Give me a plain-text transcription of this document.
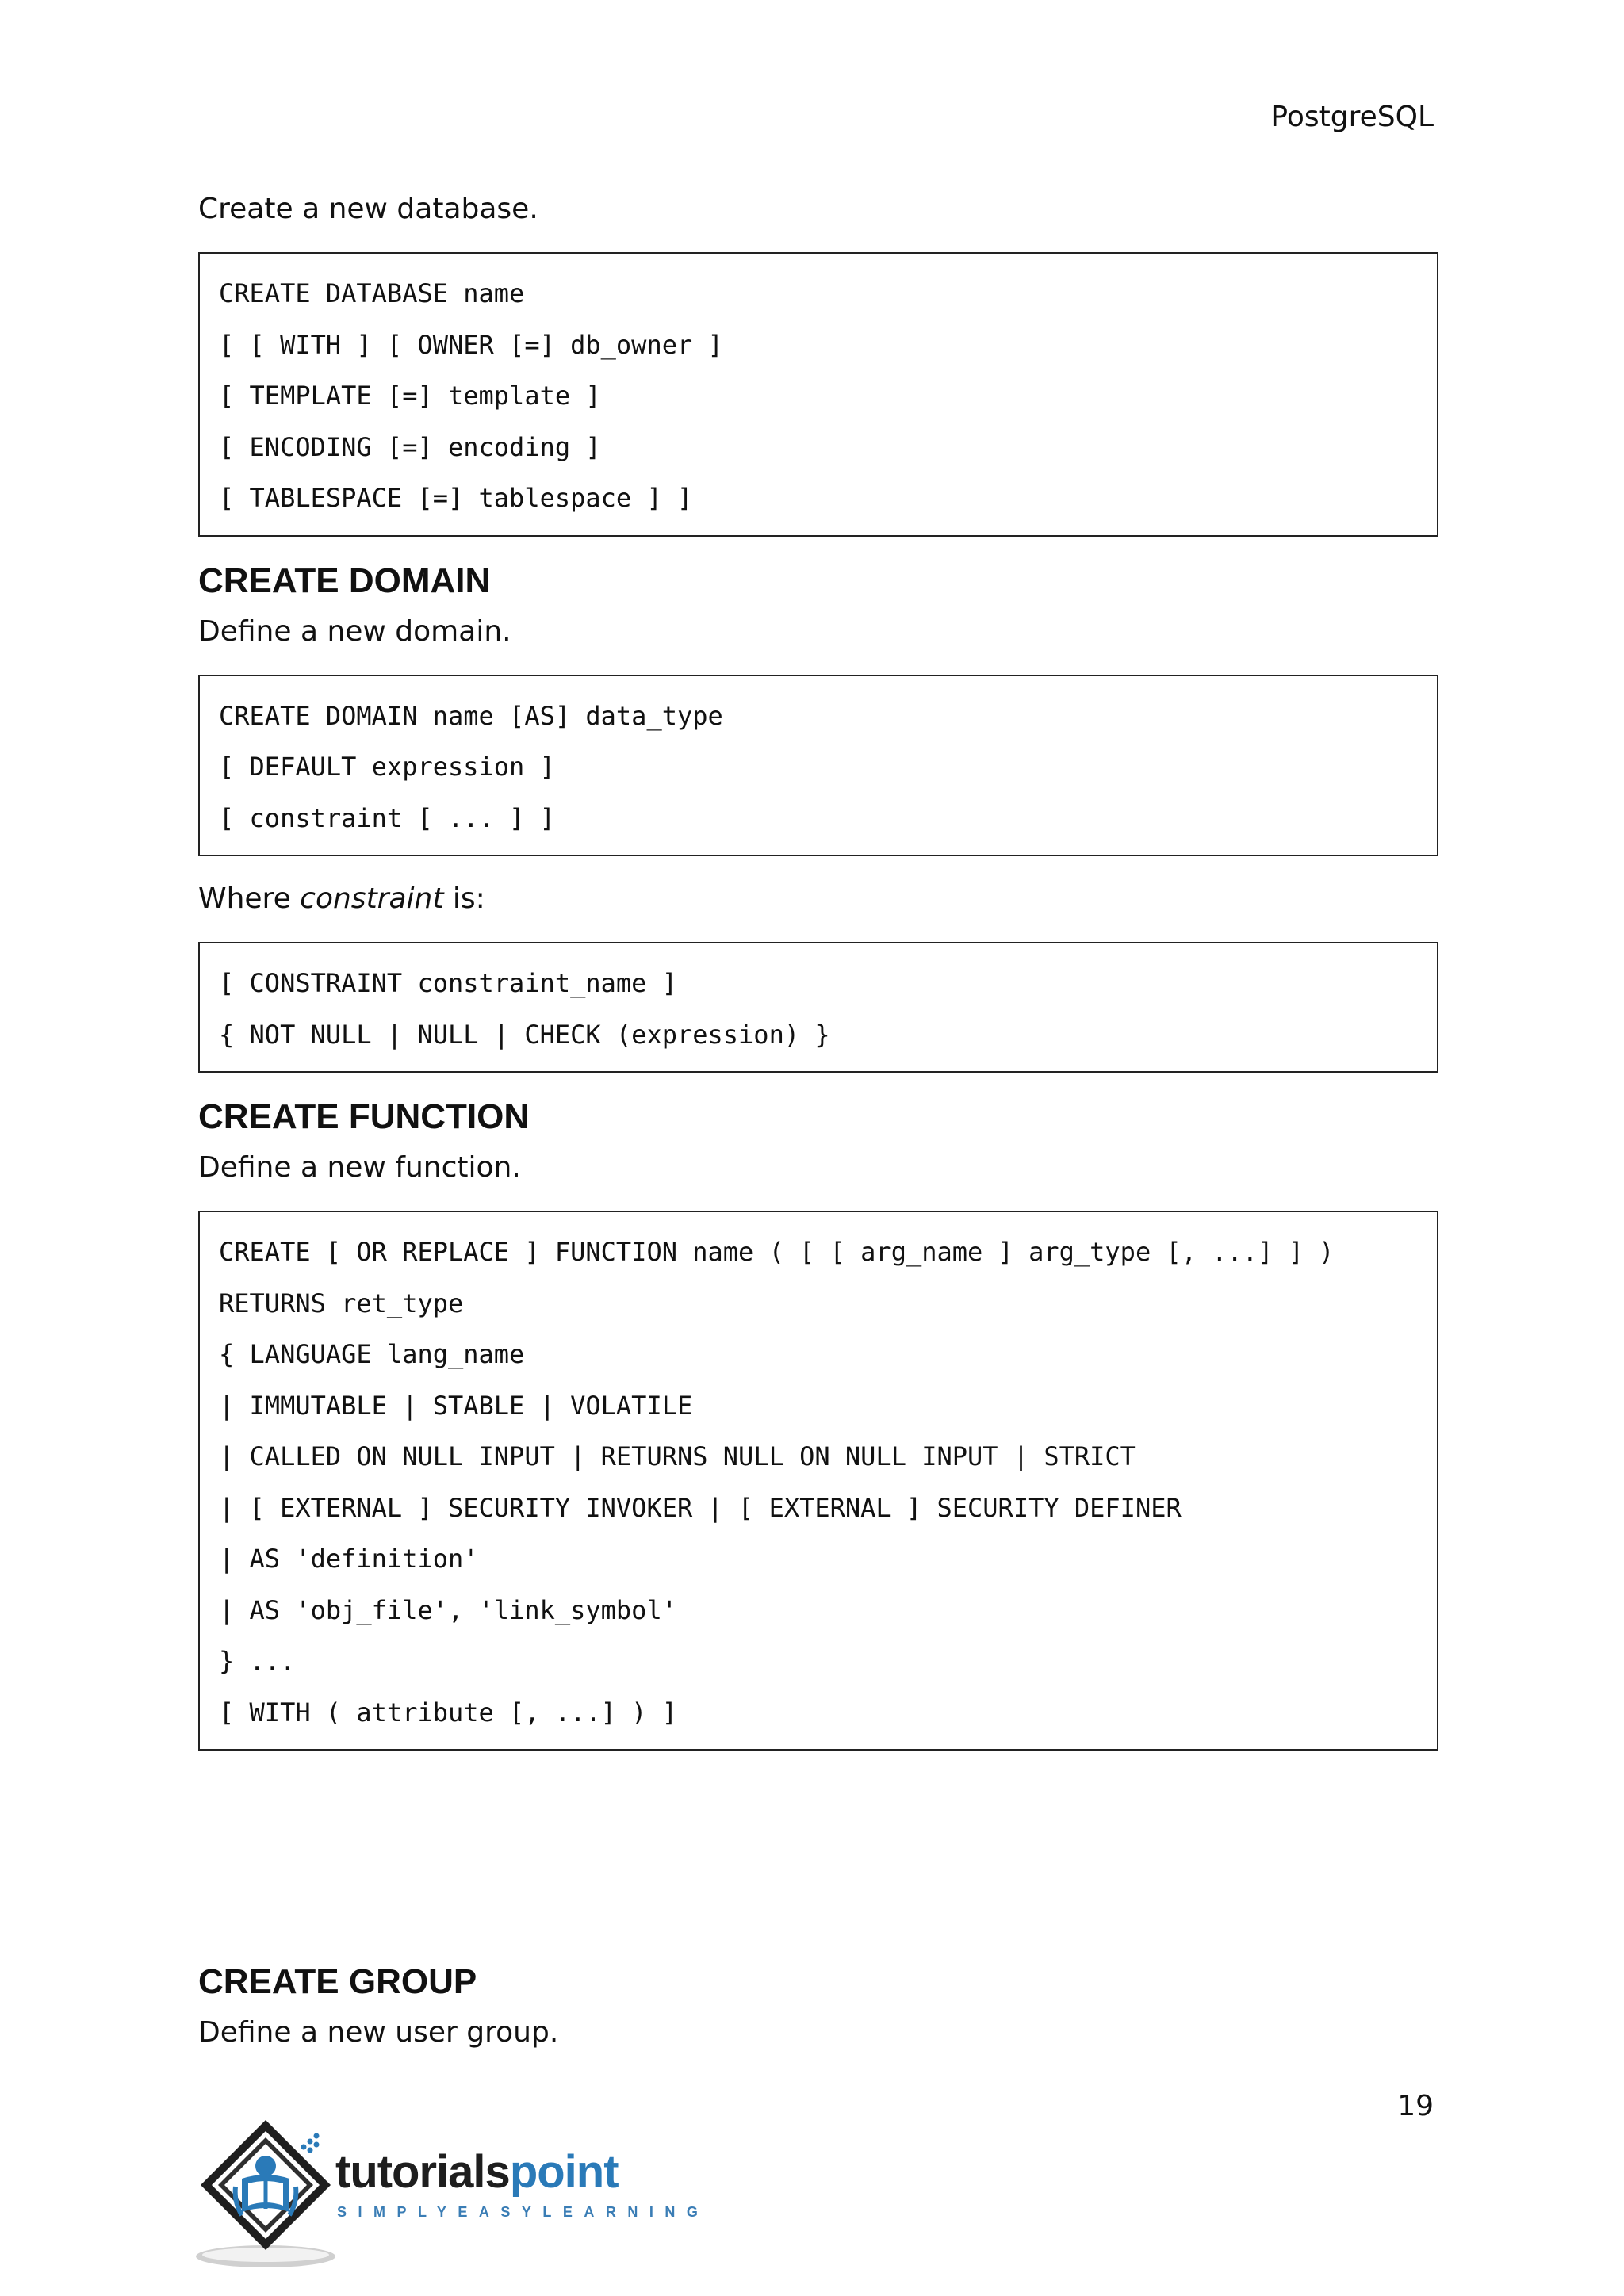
PostgreSQL

Create a new database.

CREATE DATABASE name
[ [ WITH ] [ OWNER [=] db_owner ]
[ TEMPLATE [=] template ]
[ ENCODING [=] encoding ]
[ TABLESPACE [=] tablespace ] ]
CREATE DOMAIN

Define a new domain.

CREATE DOMAIN name [AS] data_type
[ DEFAULT expression ]
[ constraint [ ... ] ]

Where constraint is:

[ CONSTRAINT constraint_name ]
{ NOT NULL | NULL | CHECK (expression) }
CREATE FUNCTION

Define a new function.

CREATE [ OR REPLACE ] FUNCTION name ( [ [ arg_name ] arg_type [, ...] ] )
RETURNS ret_type
{ LANGUAGE lang_name
| IMMUTABLE | STABLE | VOLATILE
| CALLED ON NULL INPUT | RETURNS NULL ON NULL INPUT | STRICT
| [ EXTERNAL ] SECURITY INVOKER | [ EXTERNAL ] SECURITY DEFINER
| AS 'definition'
| AS 'obj_file', 'link_symbol'
} ...
[ WITH ( attribute [, ...] ) ]
CREATE GROUP

Define a new user group.

19
tutorialspoint
SIMPLYEASYLEARNING
